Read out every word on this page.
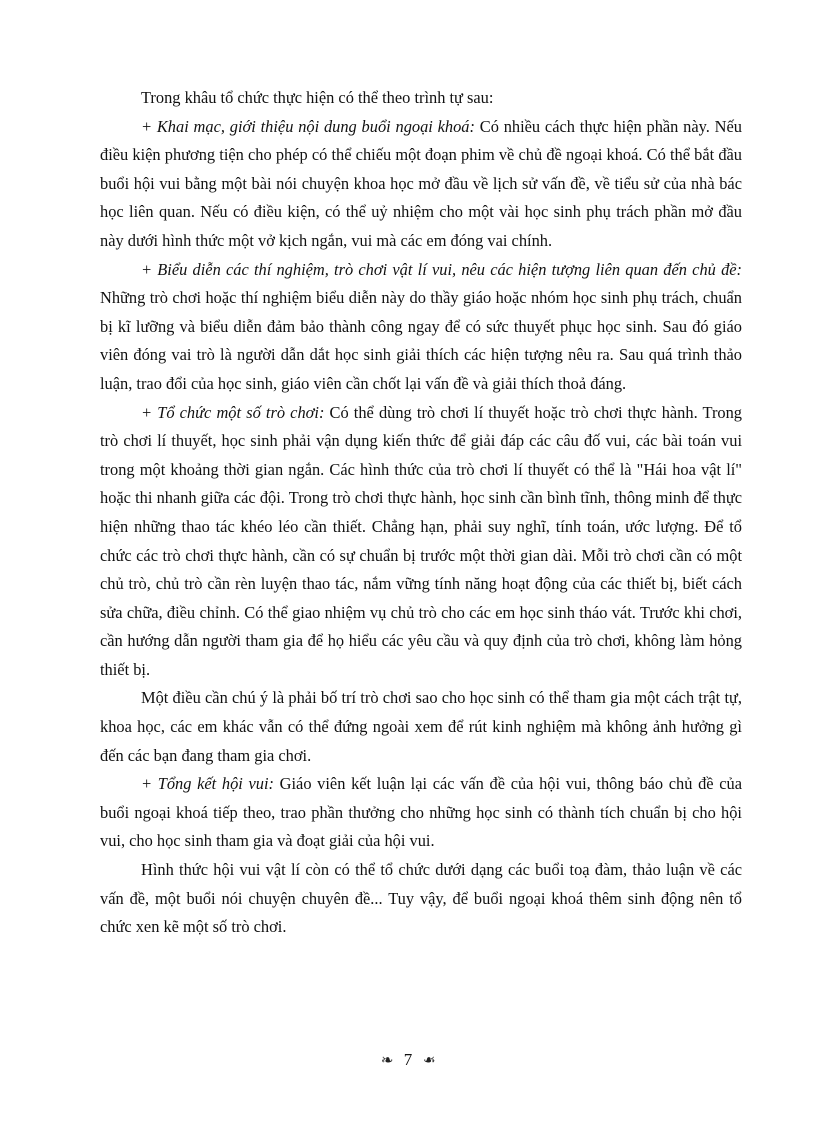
Trong khâu tổ chức thực hiện có thể theo trình tự sau:

+ Khai mạc, giới thiệu nội dung buổi ngoại khoá: Có nhiều cách thực hiện phần này. Nếu điều kiện phương tiện cho phép có thể chiếu một đoạn phim về chủ đề ngoại khoá. Có thể bắt đầu buổi hội vui bằng một bài nói chuyện khoa học mở đầu về lịch sử vấn đề, về tiểu sử của nhà bác học liên quan. Nếu có điều kiện, có thể uỷ nhiệm cho một vài học sinh phụ trách phần mở đầu này dưới hình thức một vở kịch ngắn, vui mà các em đóng vai chính.

+ Biểu diễn các thí nghiệm, trò chơi vật lí vui, nêu các hiện tượng liên quan đến chủ đề: Những trò chơi hoặc thí nghiệm biểu diễn này do thầy giáo hoặc nhóm học sinh phụ trách, chuẩn bị kĩ lưỡng và biểu diễn đảm bảo thành công ngay để có sức thuyết phục học sinh. Sau đó giáo viên đóng vai trò là người dẫn dắt học sinh giải thích các hiện tượng nêu ra. Sau quá trình thảo luận, trao đổi của học sinh, giáo viên cần chốt lại vấn đề và giải thích thoả đáng.

+ Tổ chức một số trò chơi: Có thể dùng trò chơi lí thuyết hoặc trò chơi thực hành. Trong trò chơi lí thuyết, học sinh phải vận dụng kiến thức để giải đáp các câu đố vui, các bài toán vui trong một khoảng thời gian ngắn. Các hình thức của trò chơi lí thuyết có thể là "Hái hoa vật lí" hoặc thi nhanh giữa các đội. Trong trò chơi thực hành, học sinh cần bình tĩnh, thông minh để thực hiện những thao tác khéo léo cần thiết. Chẳng hạn, phải suy nghĩ, tính toán, ước lượng. Để tổ chức các trò chơi thực hành, cần có sự chuẩn bị trước một thời gian dài. Mỗi trò chơi cần có một chủ trò, chủ trò cần rèn luyện thao tác, nắm vững tính năng hoạt động của các thiết bị, biết cách sửa chữa, điều chỉnh. Có thể giao nhiệm vụ chủ trò cho các em học sinh tháo vát. Trước khi chơi, cần hướng dẫn người tham gia để họ hiểu các yêu cầu và quy định của trò chơi, không làm hỏng thiết bị.

Một điều cần chú ý là phải bố trí trò chơi sao cho học sinh có thể tham gia một cách trật tự, khoa học, các em khác vẫn có thể đứng ngoài xem để rút kinh nghiệm mà không ảnh hưởng gì đến các bạn đang tham gia chơi.

+ Tổng kết hội vui: Giáo viên kết luận lại các vấn đề của hội vui, thông báo chủ đề của buổi ngoại khoá tiếp theo, trao phần thưởng cho những học sinh có thành tích chuẩn bị cho hội vui, cho học sinh tham gia và đoạt giải của hội vui.

Hình thức hội vui vật lí còn có thể tổ chức dưới dạng các buổi toạ đàm, thảo luận về các vấn đề, một buổi nói chuyện chuyên đề... Tuy vậy, để buổi ngoại khoá thêm sinh động nên tổ chức xen kẽ một số trò chơi.

❧ 7 ❧
